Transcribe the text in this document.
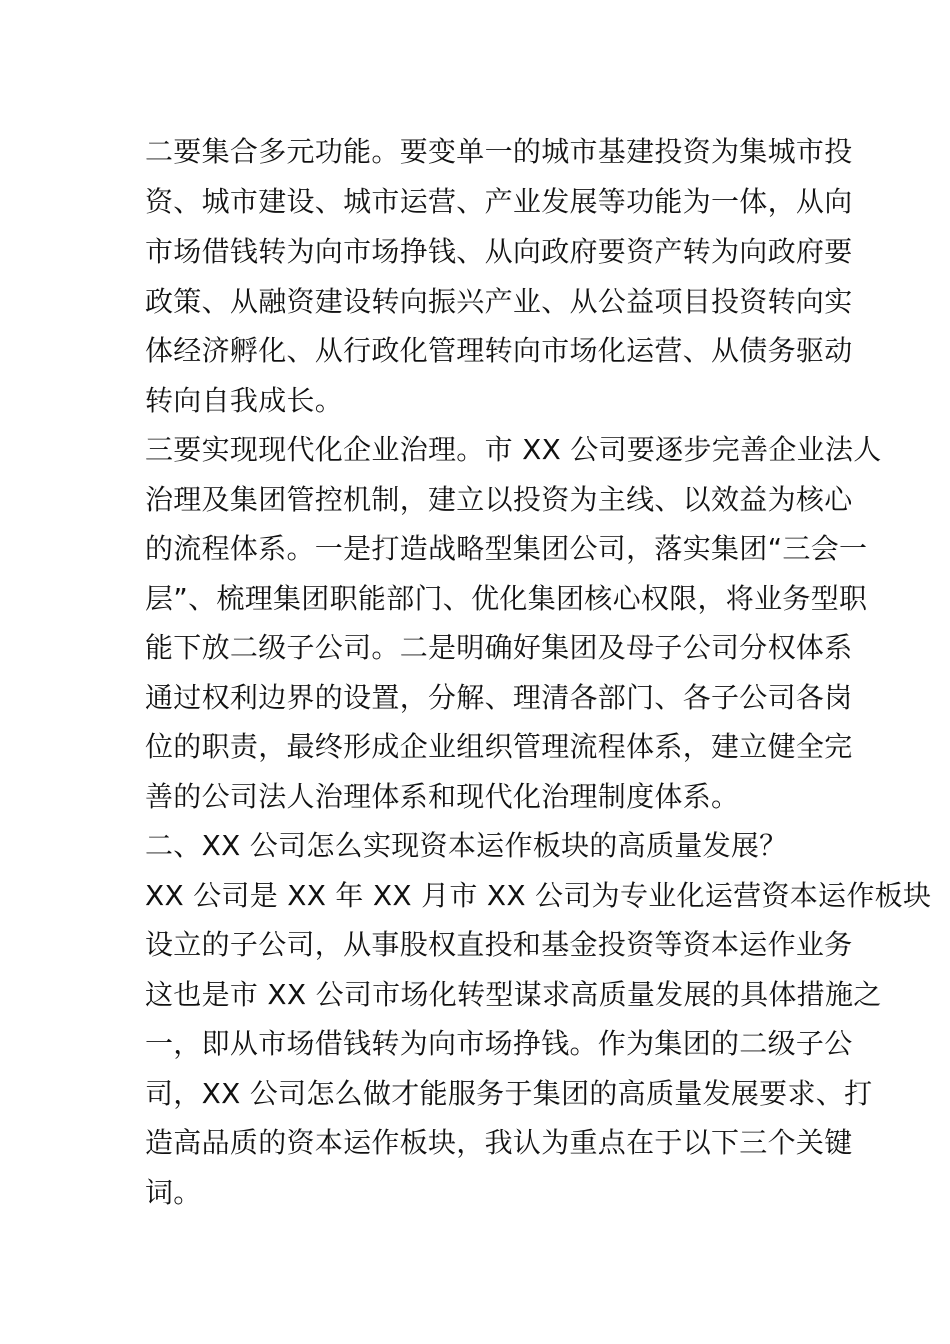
二要集合多元功能。要变单一的城市基建投资为集城市投
资、城市建设、城市运营、产业发展等功能为一体，从向
市场借钱转为向市场挣钱、从向政府要资产转为向政府要
政策、从融资建设转向振兴产业、从公益项目投资转向实
体经济孵化、从行政化管理转向市场化运营、从债务驱动
转向自我成长。
三要实现现代化企业治理。市 XX 公司要逐步完善企业法人
治理及集团管控机制，建立以投资为主线、以效益为核心
的流程体系。一是打造战略型集团公司，落实集团“三会一
层”、梳理集团职能部门、优化集团核心权限，将业务型职
能下放二级子公司。二是明确好集团及母子公司分权体系
通过权利边界的设置，分解、理清各部门、各子公司各岗
位的职责，最终形成企业组织管理流程体系，建立健全完
善的公司法人治理体系和现代化治理制度体系。
二、XX 公司怎么实现资本运作板块的高质量发展？
XX 公司是 XX 年 XX 月市 XX 公司为专业化运营资本运作板块
设立的子公司，从事股权直投和基金投资等资本运作业务
这也是市 XX 公司市场化转型谋求高质量发展的具体措施之
一，即从市场借钱转为向市场挣钱。作为集团的二级子公
司，XX 公司怎么做才能服务于集团的高质量发展要求、打
造高品质的资本运作板块，我认为重点在于以下三个关键
词。
